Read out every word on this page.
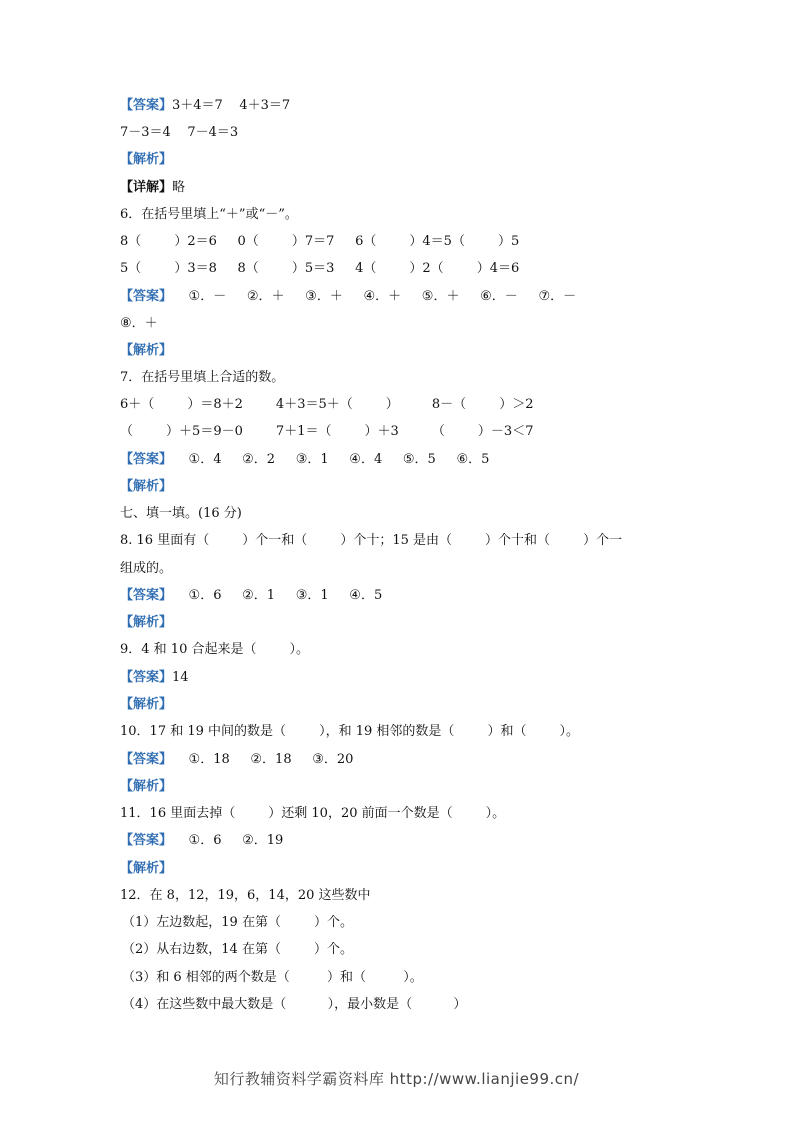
【答案】3＋4＝7    4＋3＝7
7－3＝4    7－4＝3
【解析】
【详解】略
6．在括号里填上“＋”或“－”。
8（        ）2＝6     0（        ）7＝7     6（        ）4＝5（        ）5
5（        ）3＝8     8（        ）5＝3     4（        ）2（        ）4＝6
【答案】    ①．－     ②．＋     ③．＋     ④．＋     ⑤．＋     ⑥．－     ⑦．－
⑧．＋
【解析】
7．在括号里填上合适的数。
6＋（        ）＝8＋2        4＋3＝5＋（        ）        8－（        ）＞2
（        ）＋5＝9－0        7＋1＝（        ）＋3        （        ）－3＜7
【答案】    ①．4     ②．2     ③．1     ④．4     ⑤．5     ⑥．5
【解析】
七、填一填。(16 分)
8. 16 里面有（        ）个一和（        ）个十；15 是由（        ）个十和（        ）个一
组成的。
【答案】    ①．6     ②．1     ③．1     ④．5
【解析】
9．4 和 10 合起来是（        ）。
【答案】14
【解析】
10．17 和 19 中间的数是（        ），和 19 相邻的数是（        ）和（        ）。
【答案】    ①．18     ②．18     ③．20
【解析】
11．16 里面去掉（        ）还剩 10，20 前面一个数是（        ）。
【答案】    ①．6     ②．19
【解析】
12．在 8，12，19，6，14，20 这些数中
（1）左边数起，19 在第（        ）个。
（2）从右边数，14 在第（        ）个。
（3）和 6 相邻的两个数是（         ）和（         ）。
（4）在这些数中最大数是（          ），最小数是（          ）
知行教辅资料学霸资料库 http://www.lianjie99.cn/
